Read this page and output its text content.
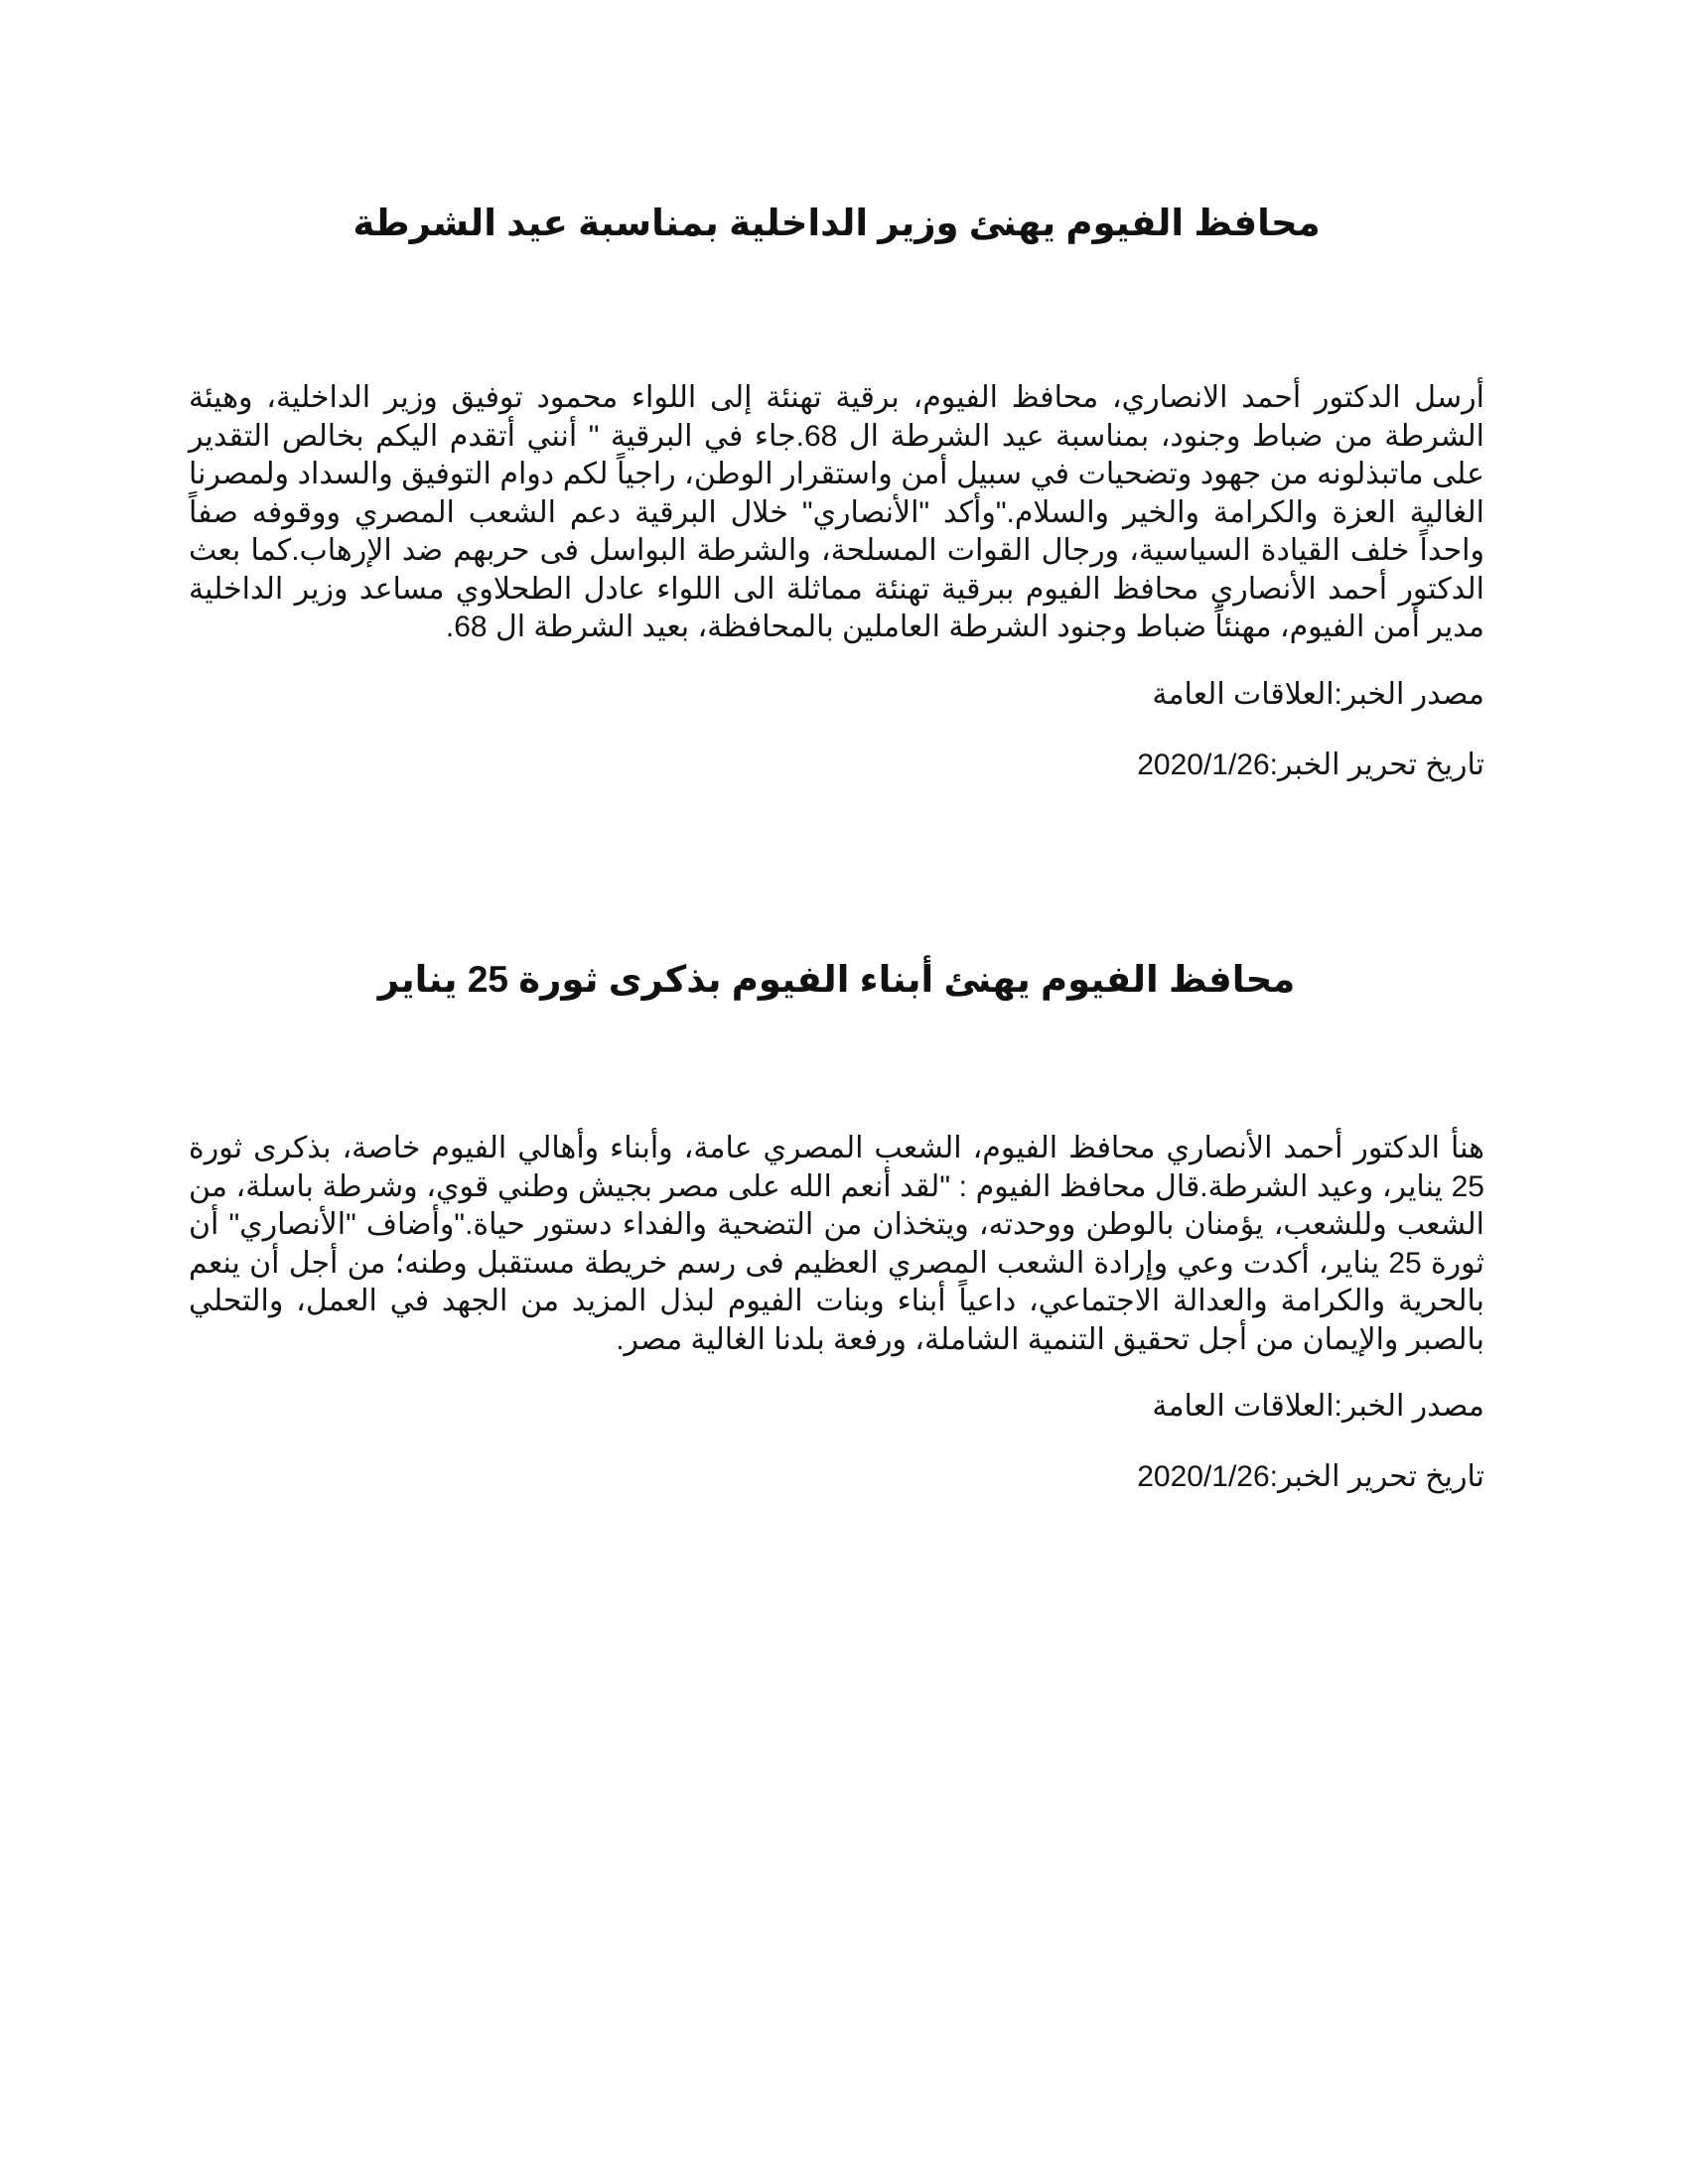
محافظ الفيوم يهنئ وزير الداخلية بمناسبة عيد الشرطة

أرسل الدكتور أحمد الانصاري، محافظ الفيوم، برقية تهنئة إلى اللواء محمود توفيق وزير الداخلية، وهيئة الشرطة من ضباط وجنود، بمناسبة عيد الشرطة ال 68.جاء في البرقية " أنني أتقدم اليكم بخالص التقدير على ماتبذلونه من جهود وتضحيات في سبيل أمن واستقرار الوطن، راجياً لكم دوام التوفيق والسداد ولمصرنا الغالية العزة والكرامة والخير والسلام."وأكد "الأنصاري" خلال البرقية دعم الشعب المصري ووقوفه صفاً واحداً خلف القيادة السياسية، ورجال القوات المسلحة، والشرطة البواسل فى حربهم ضد الإرهاب.كما بعث الدكتور أحمد الأنصاري محافظ الفيوم ببرقية تهنئة مماثلة الى اللواء عادل الطحلاوي مساعد وزير الداخلية مدير أمن الفيوم، مهنئاً ضباط وجنود الشرطة العاملين بالمحافظة، بعيد الشرطة ال 68.

مصدر الخبر:العلاقات العامة

تاريخ تحرير الخبر:2020/1/26

محافظ الفيوم يهنئ أبناء الفيوم بذكرى ثورة 25 يناير

هنأ الدكتور أحمد الأنصاري محافظ الفيوم، الشعب المصري عامة، وأبناء وأهالي الفيوم خاصة، بذكرى ثورة 25 يناير، وعيد الشرطة.قال محافظ الفيوم : "لقد أنعم الله على مصر بجيش وطني قوي، وشرطة باسلة، من الشعب وللشعب، يؤمنان بالوطن ووحدته، ويتخذان من التضحية والفداء دستور حياة."وأضاف "الأنصاري" أن ثورة 25 يناير، أكدت وعي وإرادة الشعب المصري العظيم فى رسم خريطة مستقبل وطنه؛ من أجل أن ينعم بالحرية والكرامة والعدالة الاجتماعي، داعياً أبناء وبنات الفيوم لبذل المزيد من الجهد في العمل، والتحلي بالصبر والإيمان من أجل تحقيق التنمية الشاملة، ورفعة بلدنا الغالية مصر.

مصدر الخبر:العلاقات العامة

تاريخ تحرير الخبر:2020/1/26
